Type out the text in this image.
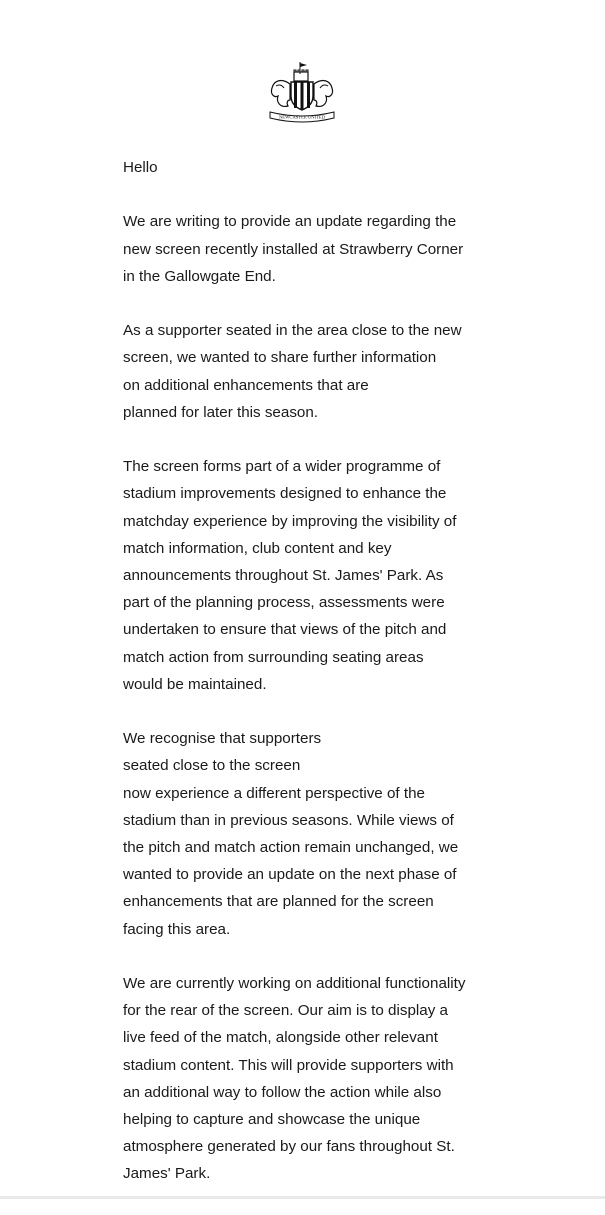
NEWCASTLE UNITED

Hello

We are writing to provide an update regarding the
new screen recently installed at Strawberry Corner
in the Gallowgate End.

As a supporter seated in the area close to the new
screen, we wanted to share further information
on additional enhancements that are
planned for later this season.

The screen forms part of a wider programme of
stadium improvements designed to enhance the
matchday experience by improving the visibility of
match information, club content and key
announcements throughout St. James' Park. As
part of the planning process, assessments were
undertaken to ensure that views of the pitch and
match action from surrounding seating areas
would be maintained.

We recognise that supporters
seated close to the screen
now experience a different perspective of the
stadium than in previous seasons. While views of
the pitch and match action remain unchanged, we
wanted to provide an update on the next phase of
enhancements that are planned for the screen
facing this area.

We are currently working on additional functionality
for the rear of the screen. Our aim is to display a
live feed of the match, alongside other relevant
stadium content. This will provide supporters with
an additional way to follow the action while also
helping to capture and showcase the unique
atmosphere generated by our fans throughout St.
James' Park.
